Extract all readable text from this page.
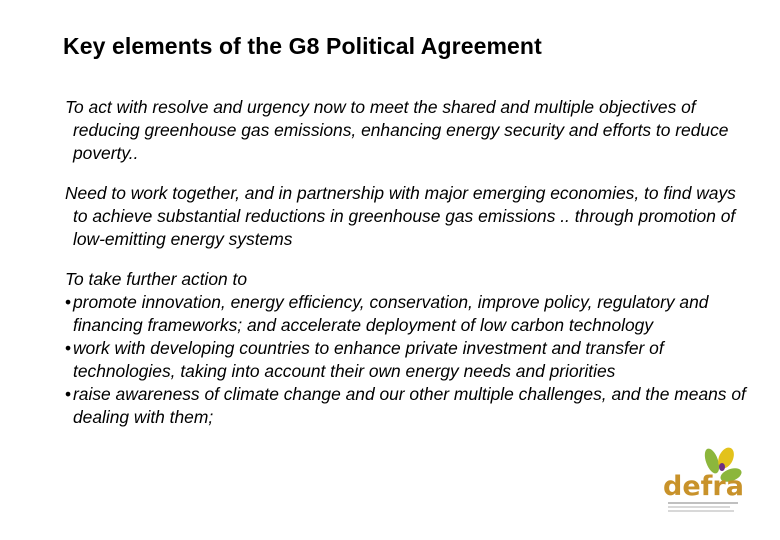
Key elements of the G8 Political Agreement

To act with resolve and urgency now to meet the shared and multiple objectives of reducing greenhouse gas emissions, enhancing energy security and efforts to reduce poverty..

Need to work together, and in partnership with major emerging economies, to find ways to achieve substantial reductions in greenhouse gas emissions .. through promotion of low-emitting energy systems

To take further action to

• promote innovation, energy efficiency, conservation, improve policy, regulatory and financing frameworks; and accelerate deployment of low carbon technology
• work with developing countries to enhance private investment and transfer of technologies, taking into account their own energy needs and priorities
• raise awareness of climate change and our other multiple challenges, and the means of dealing with them;
defra
